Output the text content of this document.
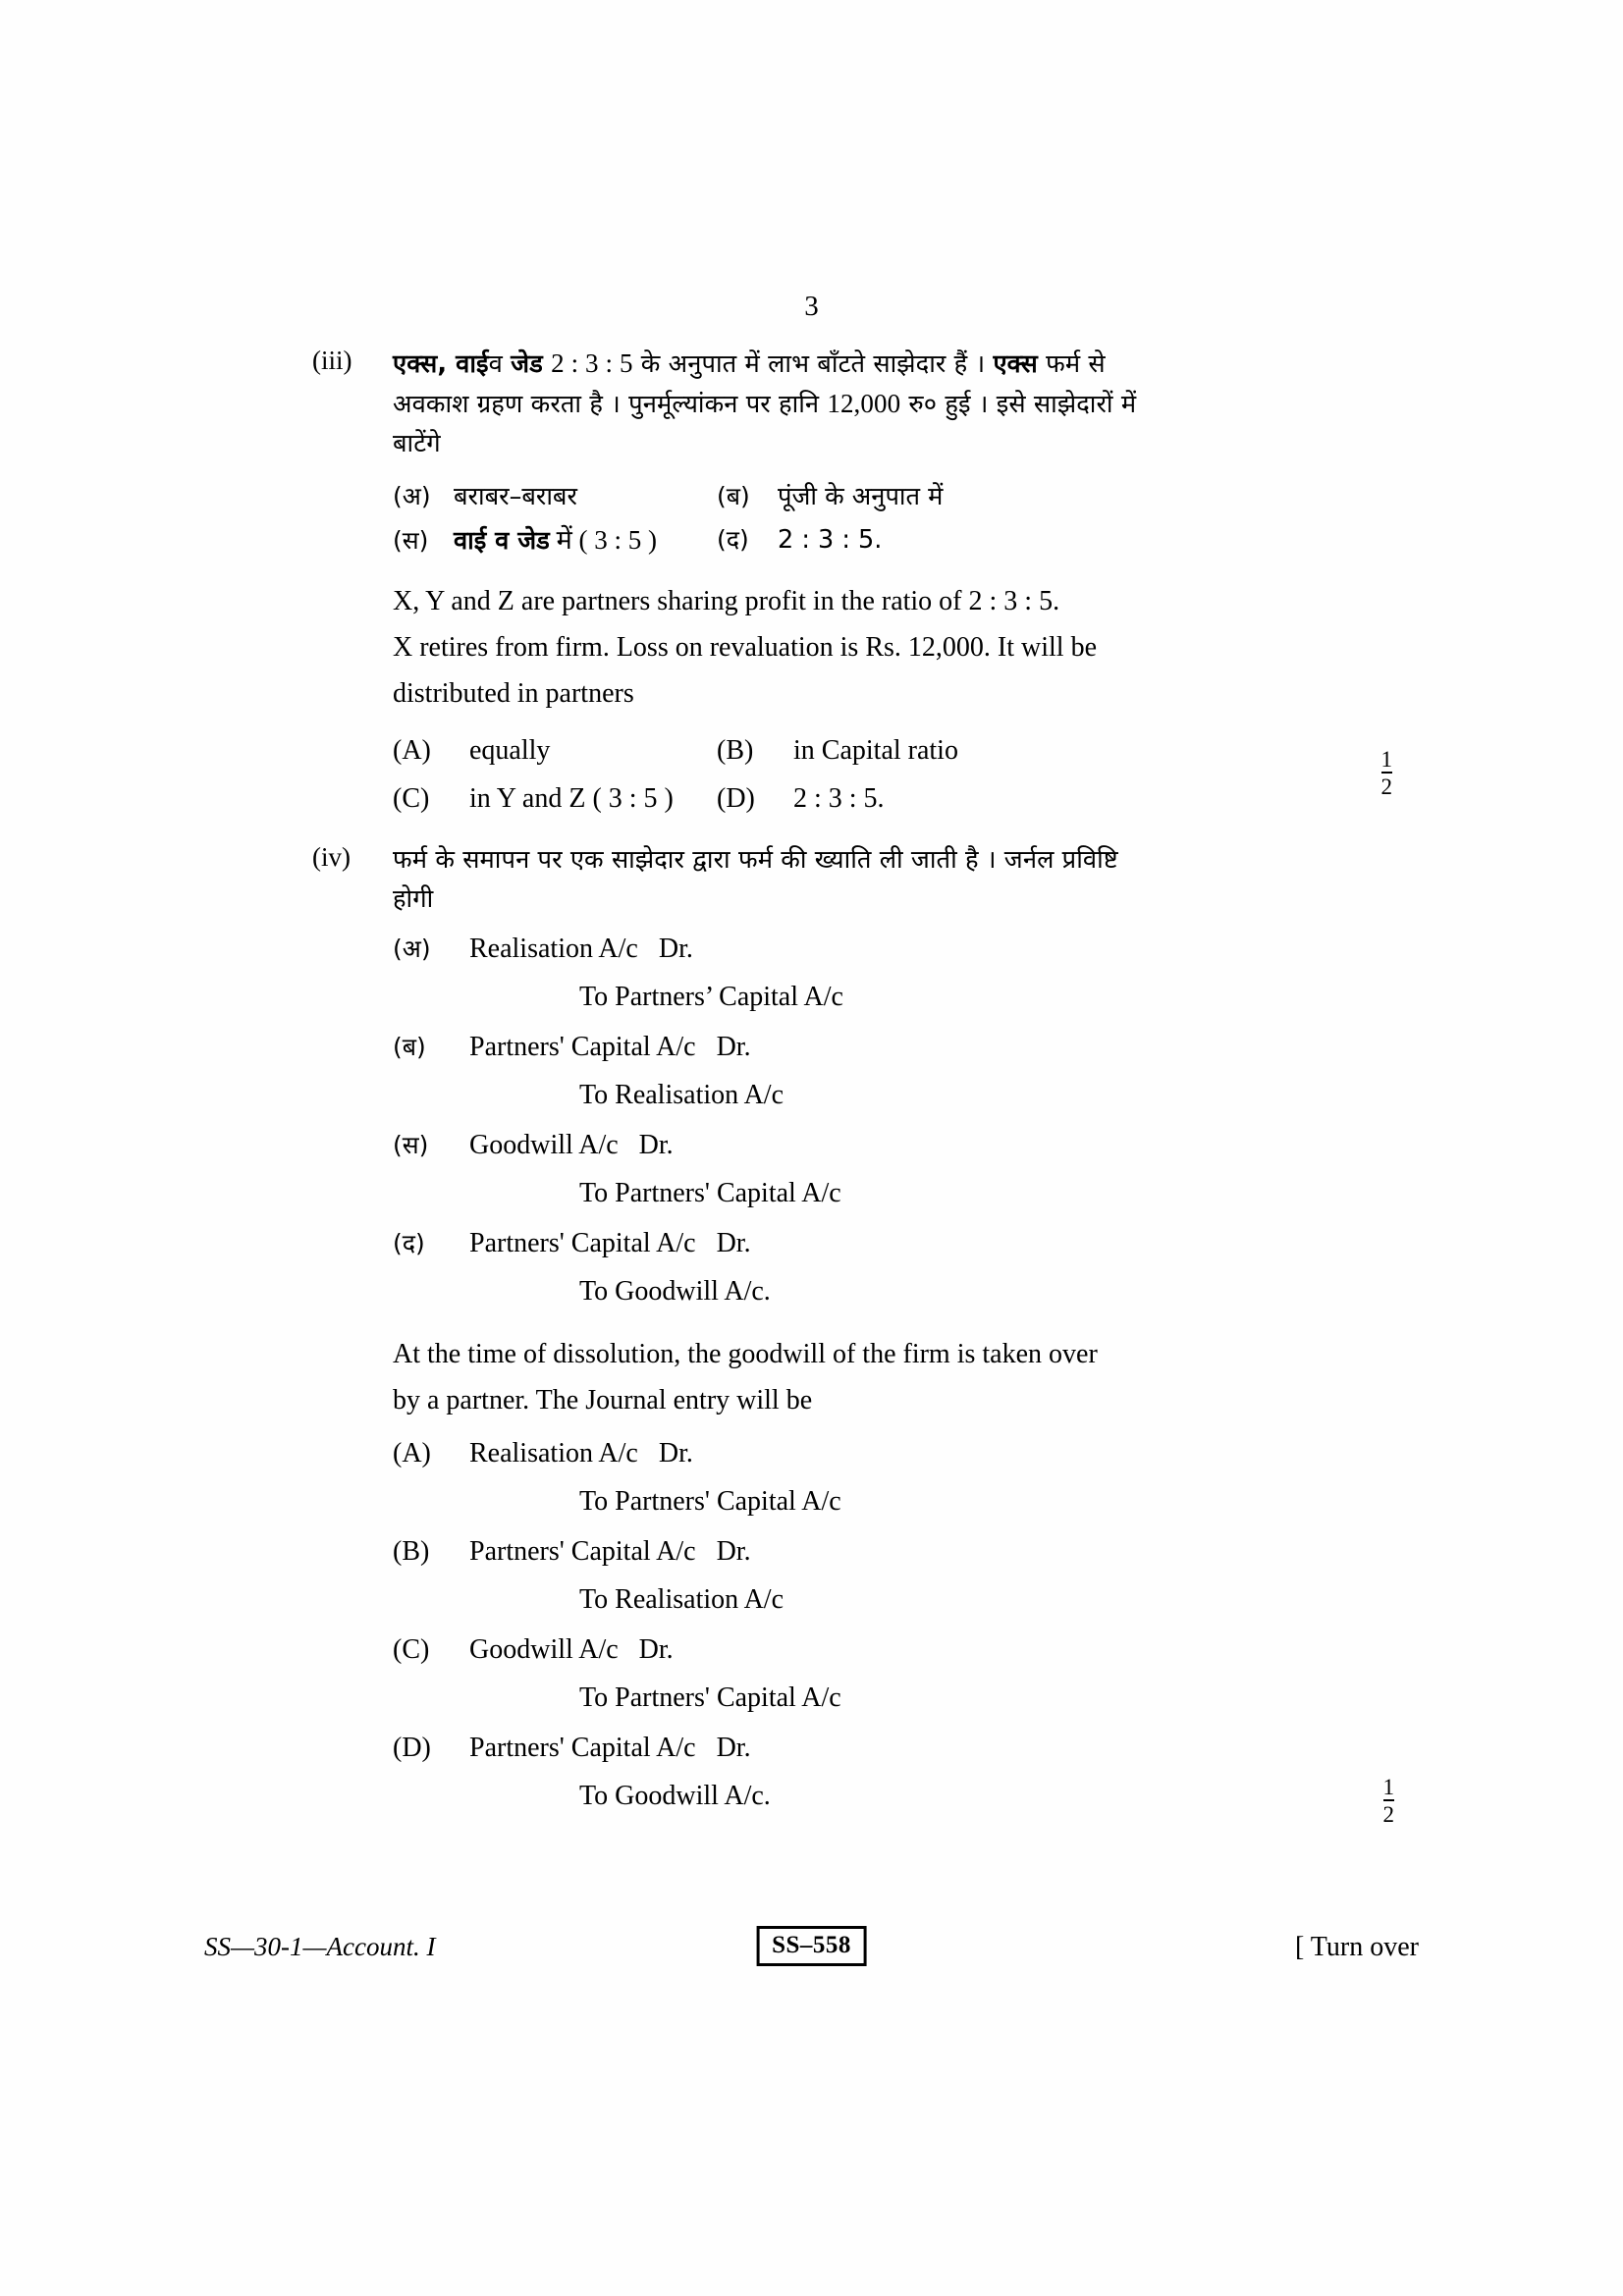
3
(iii)	एक्स, वाईव जेड 2 : 3 : 5 के अनुपात में लाभ बाँटते साझेदार हैं । एक्स फर्म से
अवकाश ग्रहण करता है । पुनर्मूल्यांकन पर हानि 12,000 रु० हुई । इसे साझेदारों में
बाटेंगे
(अ) बराबर–बराबर	(ब)	पूंजी के अनुपात में
(स)	वाई व जेड में ( 3 : 5 ) (द)	2 : 3 : 5.
X, Y and Z are partners sharing profit in the ratio of 2 : 3 : 5.
X retires from firm. Loss on revaluation is Rs. 12,000. It will be
distributed in partners
(A)	equally	(B)	in Capital ratio
(C)	in Y and Z ( 3 : 5 ) (D)	2 : 3 : 5.	$\frac{1}{2}$
(iv)	फर्म के समापन पर एक साझेदार द्वारा फर्म की ख्याति ली जाती है । जर्नल प्रविष्टि
होगी
(अ)	Realisation A/c Dr.
To Partners’ Capital A/c
(ब)	Partners' Capital A/c Dr.
To Realisation A/c
(स)	Goodwill A/c Dr.
To Partners' Capital A/c
(द)	Partners' Capital A/c Dr.
To Goodwill A/c.
At the time of dissolution, the goodwill of the firm is taken over
by a partner. The Journal entry will be
(A)	Realisation A/c Dr.
To Partners' Capital A/c
(B)	Partners' Capital A/c Dr.
To Realisation A/c
(C)	Goodwill A/c Dr.
To Partners' Capital A/c
(D)	Partners' Capital A/c Dr.
To Goodwill A/c.	$\frac{1}{2}$
SS—30-1—Account. I	SS–558	[ Turn over
